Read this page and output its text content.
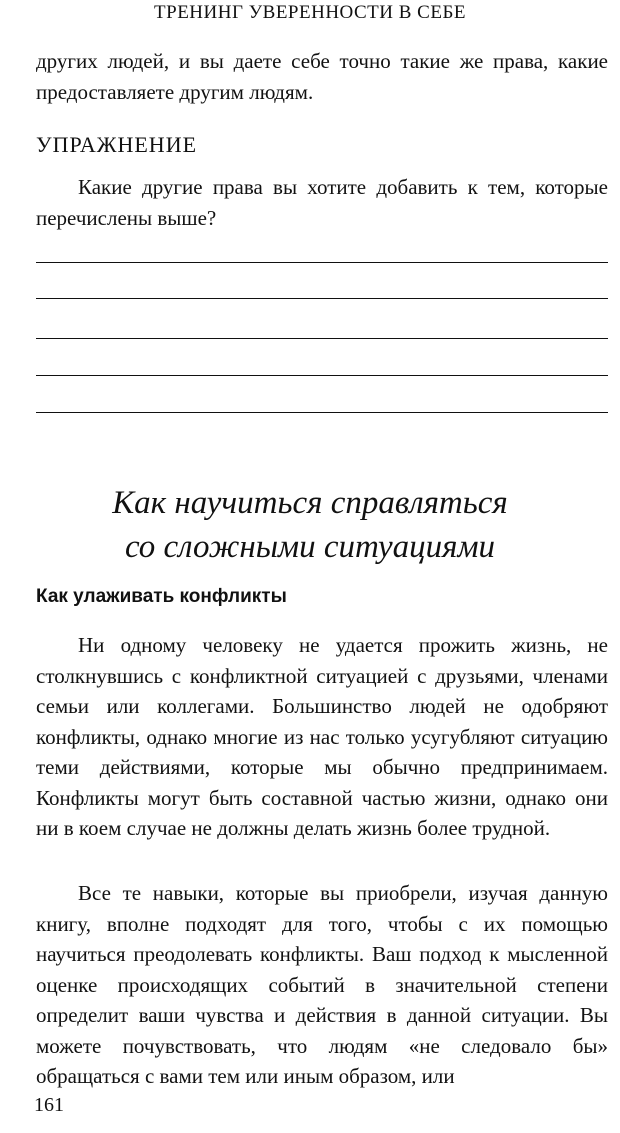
ТРЕНИНГ УВЕРЕННОСТИ В СЕБЕ
других людей, и вы даете себе точно такие же права, какие предоставляете другим людям.
УПРАЖНЕНИЕ
Какие другие права вы хотите добавить к тем, которые перечислены выше?
Как научиться справляться
со сложными ситуациями
Как улаживать конфликты
Ни одному человеку не удается прожить жизнь, не столкнувшись с конфликтной ситуацией с друзьями, членами семьи или коллегами. Большинство людей не одобряют конфликты, однако многие из нас только усугубляют ситуацию теми действиями, которые мы обычно предпринимаем. Конфликты могут быть составной частью жизни, однако они ни в коем случае не должны делать жизнь более трудной.
Все те навыки, которые вы приобрели, изучая данную книгу, вполне подходят для того, чтобы с их помощью научиться преодолевать конфликты. Ваш подход к мысленной оценке происходящих событий в значительной степени определит ваши чувства и действия в данной ситуации. Вы можете почувствовать, что людям «не следовало бы» обращаться с вами тем или иным образом, или
161
